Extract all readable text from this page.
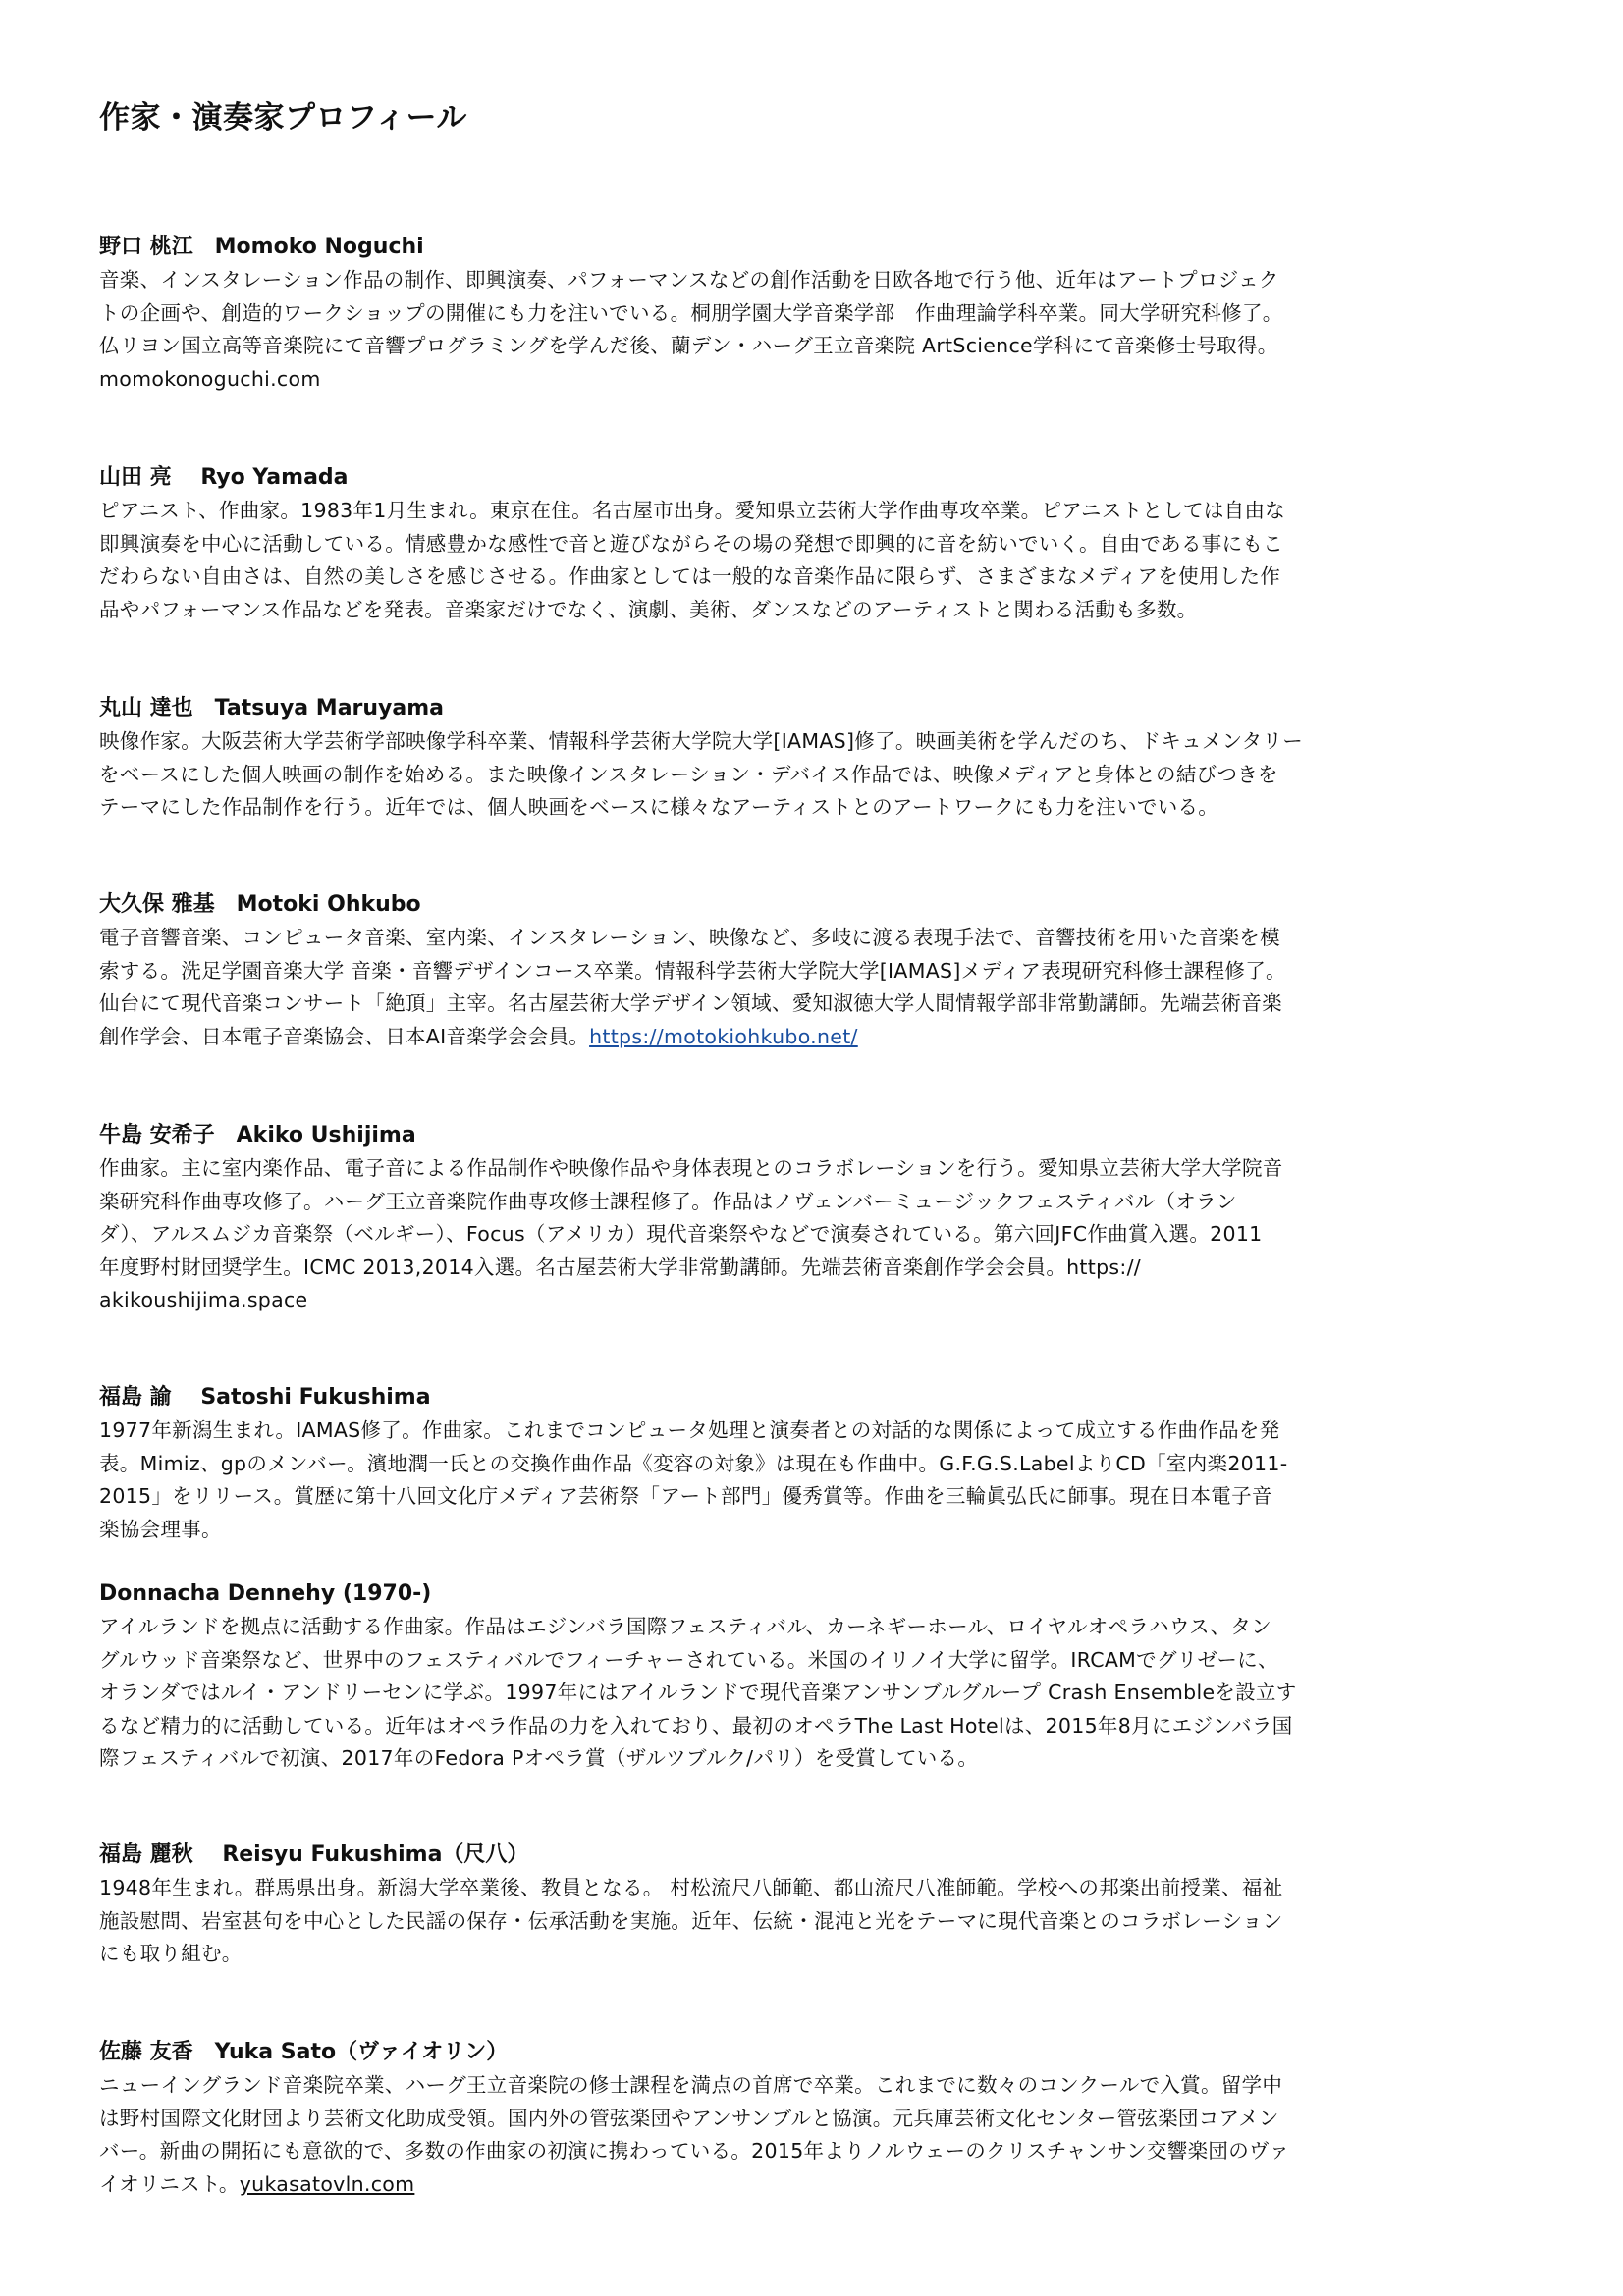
作家・演奏家プロフィール
野口 桃江　Momoko Noguchi
音楽、インスタレーション作品の制作、即興演奏、パフォーマンスなどの創作活動を日欧各地で行う他、近年はアートプロジェク
トの企画や、創造的ワークショップの開催にも力を注いでいる。桐朋学園大学音楽学部　作曲理論学科卒業。同大学研究科修了。
仏リヨン国立高等音楽院にて音響プログラミングを学んだ後、蘭デン・ハーグ王立音楽院 ArtScience学科にて音楽修士号取得。
momokonoguchi.com
山田 亮　 Ryo Yamada
ピアニスト、作曲家。1983年1月生まれ。東京在住。名古屋市出身。愛知県立芸術大学作曲専攻卒業。ピアニストとしては自由な
即興演奏を中心に活動している。情感豊かな感性で音と遊びながらその場の発想で即興的に音を紡いでいく。自由である事にもこ
だわらない自由さは、自然の美しさを感じさせる。作曲家としては一般的な音楽作品に限らず、さまざまなメディアを使用した作
品やパフォーマンス作品などを発表。音楽家だけでなく、演劇、美術、ダンスなどのアーティストと関わる活動も多数。
丸山 達也　Tatsuya Maruyama
映像作家。大阪芸術大学芸術学部映像学科卒業、情報科学芸術大学院大学[IAMAS]修了。映画美術を学んだのち、ドキュメンタリー
をベースにした個人映画の制作を始める。また映像インスタレーション・デバイス作品では、映像メディアと身体との結びつきを
テーマにした作品制作を行う。近年では、個人映画をベースに様々なアーティストとのアートワークにも力を注いでいる。
大久保 雅基　Motoki Ohkubo
電子音響音楽、コンピュータ音楽、室内楽、インスタレーション、映像など、多岐に渡る表現手法で、音響技術を用いた音楽を模
索する。洗足学園音楽大学 音楽・音響デザインコース卒業。情報科学芸術大学院大学[IAMAS]メディア表現研究科修士課程修了。
仙台にて現代音楽コンサート「絶頂」主宰。名古屋芸術大学デザイン領域、愛知淑徳大学人間情報学部非常勤講師。先端芸術音楽
創作学会、日本電子音楽協会、日本AI音楽学会会員。https://motokiohkubo.net/
牛島 安希子　Akiko Ushijima
作曲家。主に室内楽作品、電子音による作品制作や映像作品や身体表現とのコラボレーションを行う。愛知県立芸術大学大学院音
楽研究科作曲専攻修了。ハーグ王立音楽院作曲専攻修士課程修了。作品はノヴェンバーミュージックフェスティバル（オラン
ダ）、アルスムジカ音楽祭（ベルギー）、Focus（アメリカ）現代音楽祭やなどで演奏されている。第六回JFC作曲賞入選。2011
年度野村財団奨学生。ICMC 2013,2014入選。名古屋芸術大学非常勤講師。先端芸術音楽創作学会会員。https://
akikoushijima.space
福島 諭　 Satoshi Fukushima
1977年新潟生まれ。IAMAS修了。作曲家。これまでコンピュータ処理と演奏者との対話的な関係によって成立する作曲作品を発
表。Mimiz、gpのメンバー。濱地潤一氏との交換作曲作品《変容の対象》は現在も作曲中。G.F.G.S.LabelよりCD「室内楽2011-
2015」をリリース。賞歴に第十八回文化庁メディア芸術祭「アート部門」優秀賞等。作曲を三輪眞弘氏に師事。現在日本電子音
楽協会理事。
Donnacha Dennehy (1970-)
アイルランドを拠点に活動する作曲家。作品はエジンバラ国際フェスティバル、カーネギーホール、ロイヤルオペラハウス、タン
グルウッド音楽祭など、世界中のフェスティバルでフィーチャーされている。米国のイリノイ大学に留学。IRCAMでグリゼーに、
オランダではルイ・アンドリーセンに学ぶ。1997年にはアイルランドで現代音楽アンサンブルグループ Crash Ensembleを設立す
るなど精力的に活動している。近年はオペラ作品の力を入れており、最初のオペラThe Last Hotelは、2015年8月にエジンバラ国
際フェスティバルで初演、2017年のFedora Pオペラ賞（ザルツブルク/パリ）を受賞している。
福島 麗秋　 Reisyu Fukushima（尺八）
1948年生まれ。群馬県出身。新潟大学卒業後、教員となる。 村松流尺八師範、都山流尺八准師範。学校への邦楽出前授業、福祉
施設慰問、岩室甚句を中心とした民謡の保存・伝承活動を実施。近年、伝統・混沌と光をテーマに現代音楽とのコラボレーション
にも取り組む。
佐藤 友香　Yuka Sato（ヴァイオリン）
ニューイングランド音楽院卒業、ハーグ王立音楽院の修士課程を満点の首席で卒業。これまでに数々のコンクールで入賞。留学中
は野村国際文化財団より芸術文化助成受領。国内外の管弦楽団やアンサンブルと協演。元兵庫芸術文化センター管弦楽団コアメン
バー。新曲の開拓にも意欲的で、多数の作曲家の初演に携わっている。2015年よりノルウェーのクリスチャンサン交響楽団のヴァ
イオリニスト。yukasatovln.com
